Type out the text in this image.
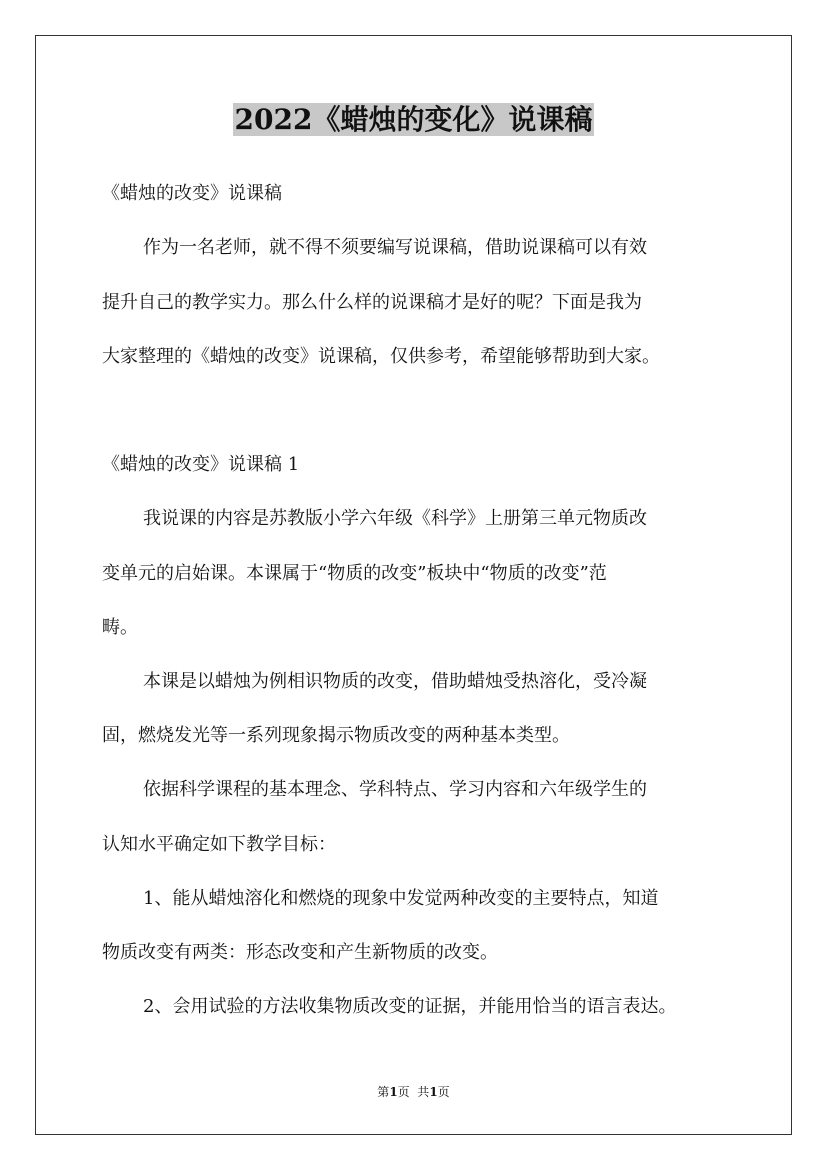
2022《蜡烛的变化》说课稿

《蜡烛的改变》说课稿

作为一名老师，就不得不须要编写说课稿，借助说课稿可以有效

提升自己的教学实力。那么什么样的说课稿才是好的呢？下面是我为

大家整理的《蜡烛的改变》说课稿，仅供参考，希望能够帮助到大家。

《蜡烛的改变》说课稿 1

我说课的内容是苏教版小学六年级《科学》上册第三单元物质改

变单元的启始课。本课属于“物质的改变”板块中“物质的改变”范

畴。

本课是以蜡烛为例相识物质的改变，借助蜡烛受热溶化，受冷凝

固，燃烧发光等一系列现象揭示物质改变的两种基本类型。

依据科学课程的基本理念、学科特点、学习内容和六年级学生的

认知水平确定如下教学目标：

1、能从蜡烛溶化和燃烧的现象中发觉两种改变的主要特点，知道

物质改变有两类：形态改变和产生新物质的改变。

2、会用试验的方法收集物质改变的证据，并能用恰当的语言表达。

第1页  共1页
